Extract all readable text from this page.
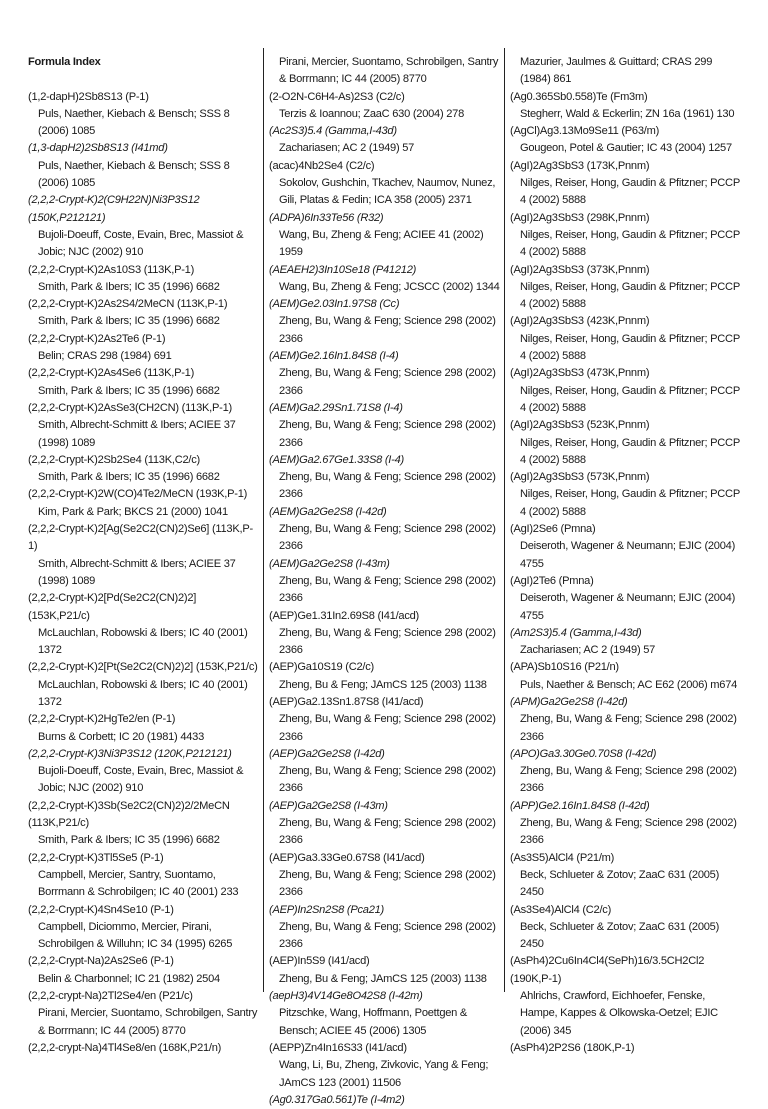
Formula Index
(1,2-dapH)2Sb8S13 (P-1)
Puls, Naether, Kiebach & Bensch; SSS 8 (2006) 1085
(1,3-dapH2)2Sb8S13 (I41md)
Puls, Naether, Kiebach & Bensch; SSS 8 (2006) 1085
(2,2,2-Crypt-K)2(C9H22N)Ni3P3S12 (150K,P212121)
Bujoli-Doeuff, Coste, Evain, Brec, Massiot & Jobic; NJC (2002) 910
(2,2,2-Crypt-K)2As10S3 (113K,P-1)
Smith, Park & Ibers; IC 35 (1996) 6682
(2,2,2-Crypt-K)2As2S4/2MeCN (113K,P-1)
Smith, Park & Ibers; IC 35 (1996) 6682
(2,2,2-Crypt-K)2As2Te6 (P-1)
Belin; CRAS 298 (1984) 691
(2,2,2-Crypt-K)2As4Se6 (113K,P-1)
Smith, Park & Ibers; IC 35 (1996) 6682
(2,2,2-Crypt-K)2AsSe3(CH2CN) (113K,P-1)
Smith, Albrecht-Schmitt & Ibers; ACIEE 37 (1998) 1089
(2,2,2-Crypt-K)2Sb2Se4 (113K,C2/c)
Smith, Park & Ibers; IC 35 (1996) 6682
(2,2,2-Crypt-K)2W(CO)4Te2/MeCN (193K,P-1)
Kim, Park & Park; BKCS 21 (2000) 1041
(2,2,2-Crypt-K)2[Ag(Se2C2(CN)2)Se6] (113K,P-1)
Smith, Albrecht-Schmitt & Ibers; ACIEE 37 (1998) 1089
(2,2,2-Crypt-K)2[Pd(Se2C2(CN)2)2] (153K,P21/c)
McLauchlan, Robowski & Ibers; IC 40 (2001) 1372
(2,2,2-Crypt-K)2[Pt(Se2C2(CN)2)2] (153K,P21/c)
McLauchlan, Robowski & Ibers; IC 40 (2001) 1372
(2,2,2-Crypt-K)2HgTe2/en (P-1)
Burns & Corbett; IC 20 (1981) 4433
(2,2,2-Crypt-K)3Ni3P3S12 (120K,P212121)
Bujoli-Doeuff, Coste, Evain, Brec, Massiot & Jobic; NJC (2002) 910
(2,2,2-Crypt-K)3Sb(Se2C2(CN)2)2/2MeCN (113K,P21/c)
Smith, Park & Ibers; IC 35 (1996) 6682
(2,2,2-Crypt-K)3Tl5Se5 (P-1)
Campbell, Mercier, Santry, Suontamo, Borrmann & Schrobilgen; IC 40 (2001) 233
(2,2,2-Crypt-K)4Sn4Se10 (P-1)
Campbell, Diciommo, Mercier, Pirani, Schrobilgen & Willuhn; IC 34 (1995) 6265
(2,2,2-Crypt-Na)2As2Se6 (P-1)
Belin & Charbonnel; IC 21 (1982) 2504
(2,2,2-crypt-Na)2Tl2Se4/en (P21/c)
Pirani, Mercier, Suontamo, Schrobilgen, Santry & Borrmann; IC 44 (2005) 8770
(2,2,2-crypt-Na)4Tl4Se8/en (168K,P21/n)
Pirani, Mercier, Suontamo, Schrobilgen, Santry & Borrmann; IC 44 (2005) 8770
(2-O2N-C6H4-As)2S3 (C2/c)
Terzis & Ioannou; ZaaC 630 (2004) 278
(Ac2S3)5.4 (Gamma,I-43d)
Zachariasen; AC 2 (1949) 57
(acac)4Nb2Se4 (C2/c)
Sokolov, Gushchin, Tkachev, Naumov, Nunez, Gili, Platas & Fedin; ICA 358 (2005) 2371
(ADPA)6In33Te56 (R32)
Wang, Bu, Zheng & Feng; ACIEE 41 (2002) 1959
(AEAEH2)3In10Se18 (P41212)
Wang, Bu, Zheng & Feng; JCSCC (2002) 1344
(AEM)Ge2.03In1.97S8 (Cc)
Zheng, Bu, Wang & Feng; Science 298 (2002) 2366
(AEM)Ge2.16In1.84S8 (I-4)
Zheng, Bu, Wang & Feng; Science 298 (2002) 2366
(AEM)Ga2.29Sn1.71S8 (I-4)
Zheng, Bu, Wang & Feng; Science 298 (2002) 2366
(AEM)Ga2.67Ge1.33S8 (I-4)
Zheng, Bu, Wang & Feng; Science 298 (2002) 2366
(AEM)Ga2Ge2S8 (I-42d)
Zheng, Bu, Wang & Feng; Science 298 (2002) 2366
(AEM)Ga2Ge2S8 (I-43m)
Zheng, Bu, Wang & Feng; Science 298 (2002) 2366
(AEP)Ge1.31In2.69S8 (I41/acd)
Zheng, Bu, Wang & Feng; Science 298 (2002) 2366
(AEP)Ga10S19 (C2/c)
Zheng, Bu & Feng; JAmCS 125 (2003) 1138
(AEP)Ga2.13Sn1.87S8 (I41/acd)
Zheng, Bu, Wang & Feng; Science 298 (2002) 2366
(AEP)Ga2Ge2S8 (I-42d)
Zheng, Bu, Wang & Feng; Science 298 (2002) 2366
(AEP)Ga2Ge2S8 (I-43m)
Zheng, Bu, Wang & Feng; Science 298 (2002) 2366
(AEP)Ga3.33Ge0.67S8 (I41/acd)
Zheng, Bu, Wang & Feng; Science 298 (2002) 2366
(AEP)In2Sn2S8 (Pca21)
Zheng, Bu, Wang & Feng; Science 298 (2002) 2366
(AEP)In5S9 (I41/acd)
Zheng, Bu & Feng; JAmCS 125 (2003) 1138
(aepH3)4V14Ge8O42S8 (I-42m)
Pitzschke, Wang, Hoffmann, Poettgen & Bensch; ACIEE 45 (2006) 1305
(AEPP)Zn4In16S33 (I41/acd)
Wang, Li, Bu, Zheng, Zivkovic, Yang & Feng; JAmCS 123 (2001) 11506
(Ag0.317Ga0.561)Te (I-4m2)
Mazurier, Jaulmes & Guittard; CRAS 299 (1984) 861
(Ag0.365Sb0.558)Te (Fm3m)
Stegherr, Wald & Eckerlin; ZN 16a (1961) 130
(AgCl)Ag3.13Mo9Se11 (P63/m)
Gougeon, Potel & Gautier; IC 43 (2004) 1257
(AgI)2Ag3SbS3 (173K,Pnnm)
Nilges, Reiser, Hong, Gaudin & Pfitzner; PCCP 4 (2002) 5888
(AgI)2Ag3SbS3 (298K,Pnnm)
Nilges, Reiser, Hong, Gaudin & Pfitzner; PCCP 4 (2002) 5888
(AgI)2Ag3SbS3 (373K,Pnnm)
Nilges, Reiser, Hong, Gaudin & Pfitzner; PCCP 4 (2002) 5888
(AgI)2Ag3SbS3 (423K,Pnnm)
Nilges, Reiser, Hong, Gaudin & Pfitzner; PCCP 4 (2002) 5888
(AgI)2Ag3SbS3 (473K,Pnnm)
Nilges, Reiser, Hong, Gaudin & Pfitzner; PCCP 4 (2002) 5888
(AgI)2Ag3SbS3 (523K,Pnnm)
Nilges, Reiser, Hong, Gaudin & Pfitzner; PCCP 4 (2002) 5888
(AgI)2Ag3SbS3 (573K,Pnnm)
Nilges, Reiser, Hong, Gaudin & Pfitzner; PCCP 4 (2002) 5888
(AgI)2Se6 (Pmna)
Deiseroth, Wagener & Neumann; EJIC (2004) 4755
(AgI)2Te6 (Pmna)
Deiseroth, Wagener & Neumann; EJIC (2004) 4755
(Am2S3)5.4 (Gamma,I-43d)
Zachariasen; AC 2 (1949) 57
(APA)Sb10S16 (P21/n)
Puls, Naether & Bensch; AC E62 (2006) m674
(APM)Ga2Ge2S8 (I-42d)
Zheng, Bu, Wang & Feng; Science 298 (2002) 2366
(APO)Ga3.30Ge0.70S8 (I-42d)
Zheng, Bu, Wang & Feng; Science 298 (2002) 2366
(APP)Ge2.16In1.84S8 (I-42d)
Zheng, Bu, Wang & Feng; Science 298 (2002) 2366
(As3S5)AlCl4 (P21/m)
Beck, Schlueter & Zotov; ZaaC 631 (2005) 2450
(As3Se4)AlCl4 (C2/c)
Beck, Schlueter & Zotov; ZaaC 631 (2005) 2450
(AsPh4)2Cu6In4Cl4(SePh)16/3.5CH2Cl2 (190K,P-1)
Ahlrichs, Crawford, Eichhoefer, Fenske, Hampe, Kappes & Olkowska-Oetzel; EJIC (2006) 345
(AsPh4)2P2S6 (180K,P-1)
